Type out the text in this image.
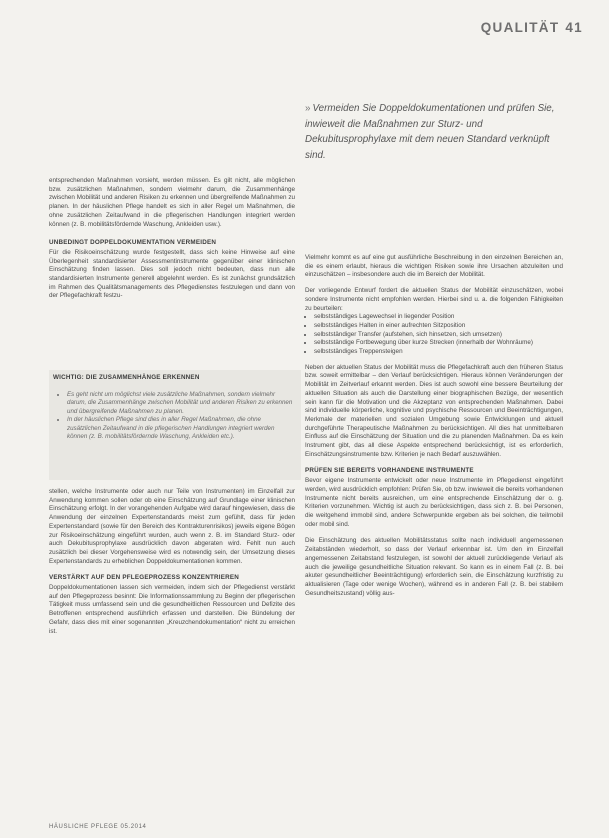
QUALITÄT 41
» Vermeiden Sie Doppeldokumentationen und prüfen Sie, inwieweit die Maßnahmen zur Sturz- und Dekubitusprophylaxe mit dem neuen Standard verknüpft sind.

entsprechenden Maßnahmen vorsieht, werden müssen. Es gilt nicht, alle möglichen bzw. zusätzlichen Maßnahmen, sondern vielmehr darum, die Zusammenhänge zwischen Mobilität und anderen Risiken zu erkennen und übergreifende Maßnahmen zu planen. In der häuslichen Pflege handelt es sich in aller Regel um Maßnahmen, die ohne zusätzlichen Zeitaufwand in die pflegerischen Handlungen integriert werden können (z. B. mobilitätsfördernde Waschung, Ankleiden usw.).

UNBEDINGT DOPPELDOKUMENTATION VERMEIDEN

Für die Risikoeinschätzung wurde festgestellt, dass sich keine Hinweise auf eine Überlegenheit standardisierter Assessmentinstrumente gegenüber einer klinischen Einschätzung finden lassen. Dies soll jedoch nicht bedeuten, dass nun alle standardisierten Instrumente generell abgelehnt werden. Es ist zunächst grundsätzlich im Rahmen des Qualitätsmanagements des Pflegedienstes festzulegen und dann von der Pflegefachkraft festzu-

WICHTIG: DIE ZUSAMMENHÄNGE ERKENNEN
• Es geht nicht um möglichst viele zusätzliche Maßnahmen, sondern vielmehr darum, die Zusammenhänge zwischen Mobilität und anderen Risiken zu erkennen und übergreifende Maßnahmen zu planen.
• In der häuslichen Pflege sind dies in aller Regel Maßnahmen, die ohne zusätzlichen Zeitaufwand in die pflegerischen Handlungen integriert werden können (z. B. mobilitätsfördernde Waschung, Ankleiden etc.).

stellen, welche Instrumente oder auch nur Teile von Instrumenten) im Einzelfall zur Anwendung kommen sollen oder ob eine Einschätzung auf Grundlage einer klinischen Einschätzung erfolgt. In der vorangehenden Aufgabe wird darauf hingewiesen, dass die Anwendung der einzelnen Expertenstandards meist zum gefühlt, dass für jeden Expertenstandard (sowie für den Bereich des Kontrakturenrisikos) jeweils eigene Bögen zur Risikoeinschätzung eingeführt wurden, auch wenn z. B. im Standard Sturz- oder auch Dekubitusprophylaxe ausdrücklich davon abgeraten wird. Fehlt nun auch zusätzlich bei dieser Vorgehensweise wird es notwendig sein, der Umsetzung dieses Expertenstandards zu erheblichen Doppeldokumentationen kommen.

VERSTÄRKT AUF DEN PFLEGEPROZESS KONZENTRIEREN

Doppeldokumentationen lassen sich vermeiden, indem sich der Pflegedienst verstärkt auf den Pflegeprozess besinnt: Die Informationssammlung zu Beginn der pflegerischen Tätigkeit muss umfassend sein und die gesundheitlichen Ressourcen und Defizite des Betroffenen entsprechend ausführlich erfassen und darstellen. Die Bündelung der Gefahr, dass dies mit einer sogenannten „Kreuzchendokumentation“ nicht zu erreichen ist.

Vielmehr kommt es auf eine gut ausführliche Beschreibung in den einzelnen Bereichen an, die es einem erlaubt, hieraus die wichtigen Risiken sowie ihre Ursachen abzuleiten und einzuschätzen – insbesondere auch die im Bereich der Mobilität.

Der vorliegende Entwurf fordert die aktuellen Status der Mobilität einzuschätzen, wobei sondere Instrumente nicht empfohlen werden. Hierbei sind u. a. die folgenden Fähigkeiten zu beurteilen:

• selbstständiges Lagewechsel in liegender Position
• selbstständiges Halten in einer aufrechten Sitzposition
• selbstständiger Transfer (aufstehen, sich hinsetzen, sich umsetzen)
• selbstständige Fortbewegung über kurze Strecken (innerhalb der Wohnräume)
• selbstständiges Treppensteigen

Neben der aktuellen Status der Mobilität muss die Pflegefachkraft auch den früheren Status bzw. soweit ermittelbar – den Verlauf berücksichtigen. Hieraus können Veränderungen der Mobilität im Zeitverlauf erkannt werden. Dies ist auch sowohl eine bessere Beurteilung der aktuellen Situation als auch die Darstellung einer biographischen Bezüge, der wesentlich sein kann für die Motivation und die Akzeptanz von entsprechenden Maßnahmen. Dabei sind individuelle körperliche, kognitive und psychische Ressourcen und Beeinträchtigungen, Merkmale der materiellen und sozialen Umgebung sowie Entwicklungen und aktuell durchgeführte Therapeutische Maßnahmen zu berücksichtigen. All dies hat unmittelbaren Einfluss auf die Einschätzung der Situation und die zu planenden Maßnahmen. Da es kein Instrument gibt, das all diese Aspekte entsprechend berücksichtigt, ist es erforderlich, Einschätzungsinstrumente bzw. Kriterien je nach Bedarf auszuwählen.

PRÜFEN SIE BEREITS VORHANDENE INSTRUMENTE

Bevor eigene Instrumente entwickelt oder neue Instrumente im Pflegedienst eingeführt werden, wird ausdrücklich empfohlen: Prüfen Sie, ob bzw. inwieweit die bereits vorhandenen Instrumente nicht bereits ausreichen, um eine entsprechende Einschätzung der o. g. Kriterien vorzunehmen. Wichtig ist auch zu berücksichtigen, dass sich z. B. bei Personen, die weitgehend immobil sind, andere Schwerpunkte ergeben als bei solchen, die teilmobil oder mobil sind.

Die Einschätzung des aktuellen Mobilitätsstatus sollte nach individuell angemessenen Zeitabständen wiederholt, so dass der Verlauf erkennbar ist. Um den im Einzelfall angemessenen Zeitabstand festzulegen, ist sowohl der aktuell zurückliegende Verlauf als auch die jeweilige gesundheitliche Situation relevant. So kann es in einem Fall (z. B. bei akuter gesundheitlicher Beeinträchtigung) erforderlich sein, die Einschätzung kurzfristig zu aktualisieren (Tage oder wenige Wochen), während es in anderen Fall (z. B. bei stabilem Gesundheitszustand) völlig aus-

HÄUSLICHE PFLEGE 05.2014
